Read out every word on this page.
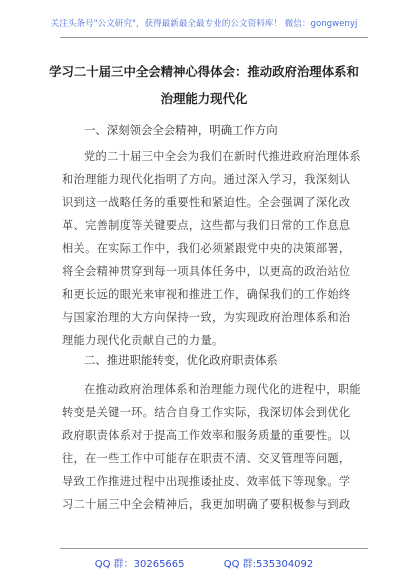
关注头条号"公文研究"，获得最新最全最专业的公文资料库！ 微信：gongwenyj
学习二十届三中全会精神心得体会：推动政府治理体系和
治理能力现代化
一、深刻领会全会精神，明确工作方向
党的二十届三中全会为我们在新时代推进政府治理体系
和治理能力现代化指明了方向。通过深入学习，我深刻认
识到这一战略任务的重要性和紧迫性。全会强调了深化改
革、完善制度等关键要点，这些都与我们日常的工作息息
相关。在实际工作中，我们必须紧跟党中央的决策部署，
将全会精神贯穿到每一项具体任务中，以更高的政治站位
和更长远的眼光来审视和推进工作，确保我们的工作始终
与国家治理的大方向保持一致，为实现政府治理体系和治
理能力现代化贡献自己的力量。
二、推进职能转变，优化政府职责体系
在推动政府治理体系和治理能力现代化的进程中，职能
转变是关键一环。结合自身工作实际，我深切体会到优化
政府职责体系对于提高工作效率和服务质量的重要性。以
往，在一些工作中可能存在职责不清、交叉管理等问题，
导致工作推进过程中出现推诿扯皮、效率低下等现象。学
习二十届三中全会精神后，我更加明确了要积极参与到政
QQ 群：30265665	QQ 群:535304092
